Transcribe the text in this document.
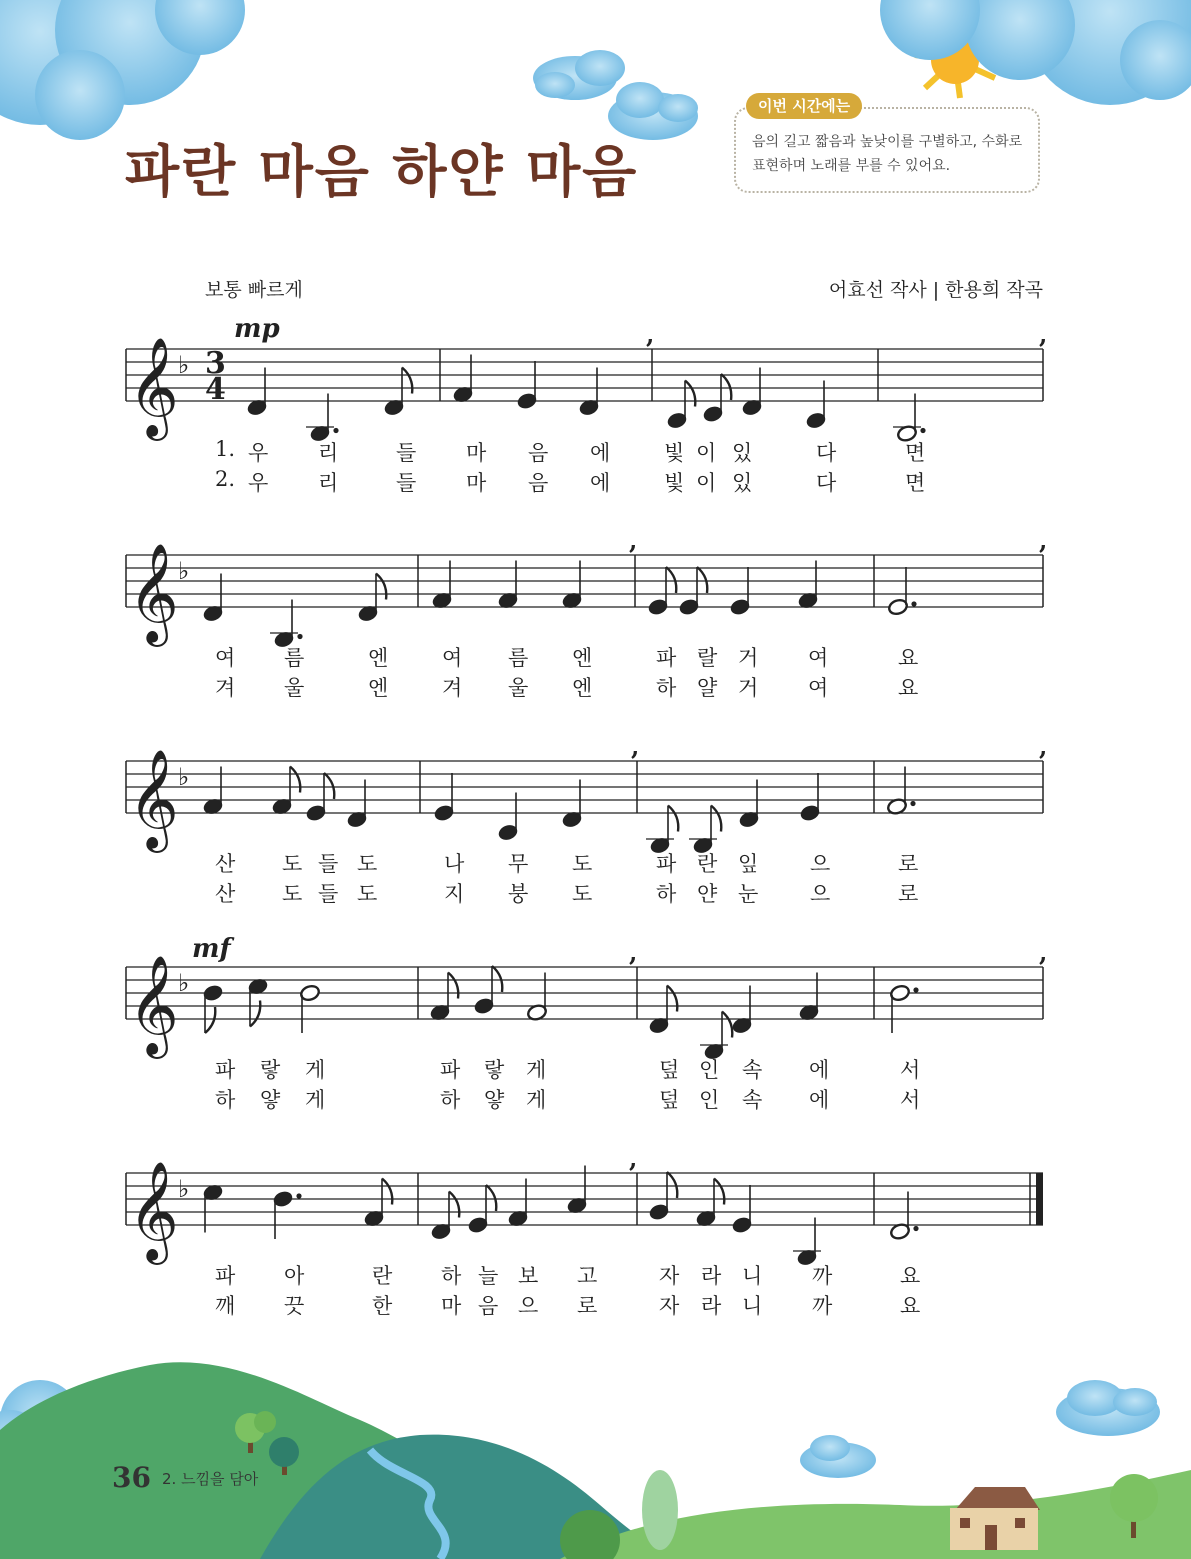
파란 마음 하얀 마음
이번 시간에는
음의 길고 짧음과 높낮이를 구별하고, 수화로 표현하며 노래를 부를 수 있어요.
보통 빠르게	어효선 작사 | 한용희 작곡
𝄞 ♭ 3
4
mp	,	,
𝄞 ♭
,	,
𝄞 ♭
,	,
𝄞 ♭
mf	,	,
𝄞 ♭
,
1. 우 리	들 마 음 에	빛 이 있	다	면
2. 우 리	들 마 음 에	빛 이 있	다	면
여 름	엔	여 름 엔	파 랄 거 여	요
겨 울	엔	겨 울 엔	하 얄 거 여	요
산 도 들 도	나 무 도	파 란 잎 으	로
산 도 들 도	지 붕 도	하 얀 눈 으	로
파 랗 게	파 랗 게	덮 인 속 에	서
하 얗 게	하 얗 게	덮 인 속 에	서
파 아	란 하 늘 보 고	자 라 니 까	요
깨 끗	한 마 음 으 로	자 라 니 까	요
36 2. 느낌을 담아
